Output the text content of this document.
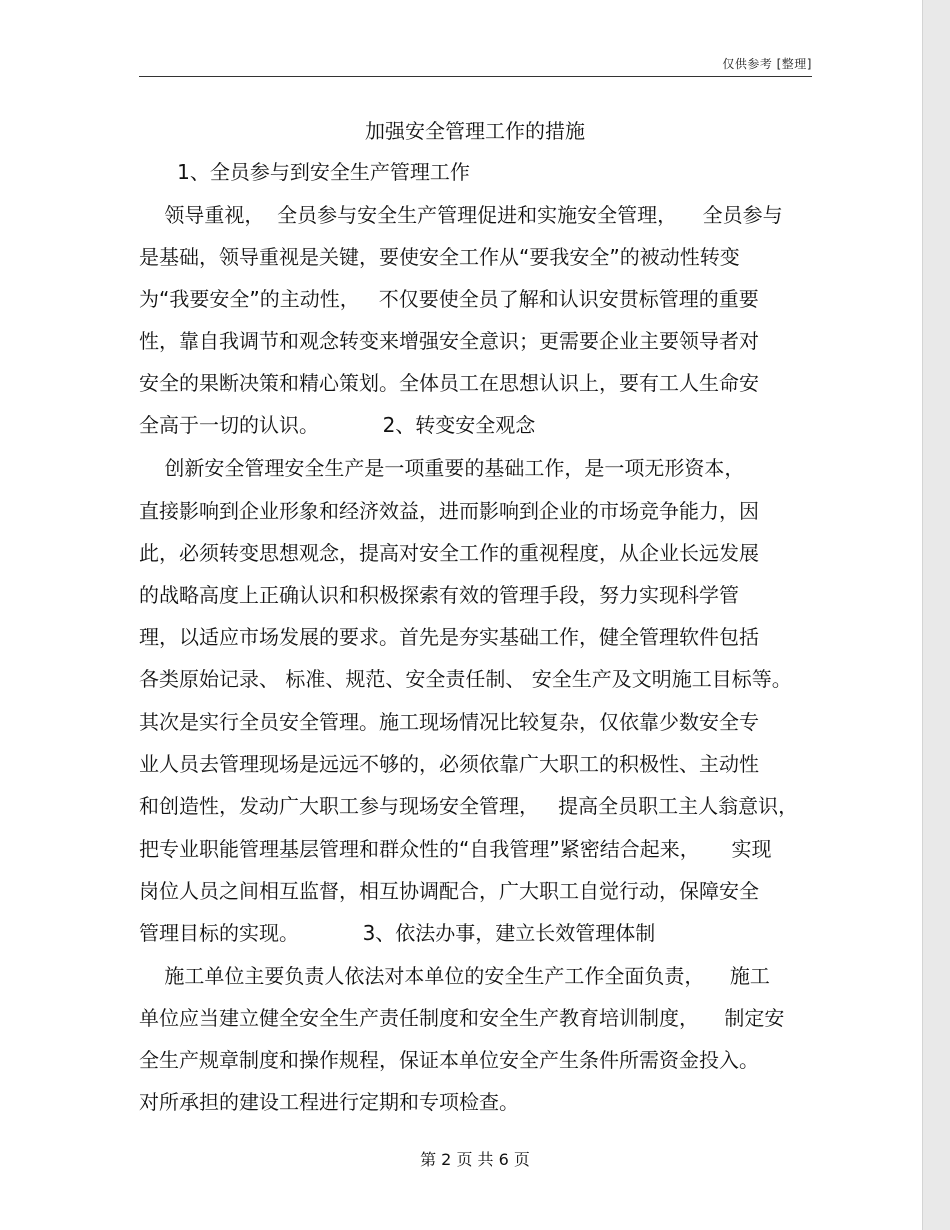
仅供参考 [整理]
加强安全管理工作的措施
1、全员参与到安全生产管理工作
领导重视，  全员参与安全生产管理促进和实施安全管理，    全员参与
是基础，领导重视是关键，要使安全工作从“要我安全”的被动性转变
为“我要安全”的主动性，   不仅要使全员了解和认识安贯标管理的重要
性，靠自我调节和观念转变来增强安全意识；更需要企业主要领导者对
安全的果断决策和精心策划。全体员工在思想认识上，要有工人生命安
全高于一切的认识。          2、转变安全观念
创新安全管理安全生产是一项重要的基础工作，是一项无形资本，
直接影响到企业形象和经济效益，进而影响到企业的市场竞争能力，因
此，必须转变思想观念，提高对安全工作的重视程度，从企业长远发展
的战略高度上正确认识和积极探索有效的管理手段，努力实现科学管
理，以适应市场发展的要求。首先是夯实基础工作，健全管理软件包括
各类原始记录、 标准、规范、安全责任制、 安全生产及文明施工目标等。
其次是实行全员安全管理。施工现场情况比较复杂，仅依靠少数安全专
业人员去管理现场是远远不够的，必须依靠广大职工的积极性、主动性
和创造性，发动广大职工参与现场安全管理，   提高全员职工主人翁意识，
把专业职能管理基层管理和群众性的“自我管理”紧密结合起来，     实现
岗位人员之间相互监督，相互协调配合，广大职工自觉行动，保障安全
管理目标的实现。          3、依法办事，建立长效管理体制
施工单位主要负责人依法对本单位的安全生产工作全面负责，    施工
单位应当建立健全安全生产责任制度和安全生产教育培训制度，    制定安
全生产规章制度和操作规程，保证本单位安全产生条件所需资金投入。
对所承担的建设工程进行定期和专项检查。
第 2 页 共 6 页
